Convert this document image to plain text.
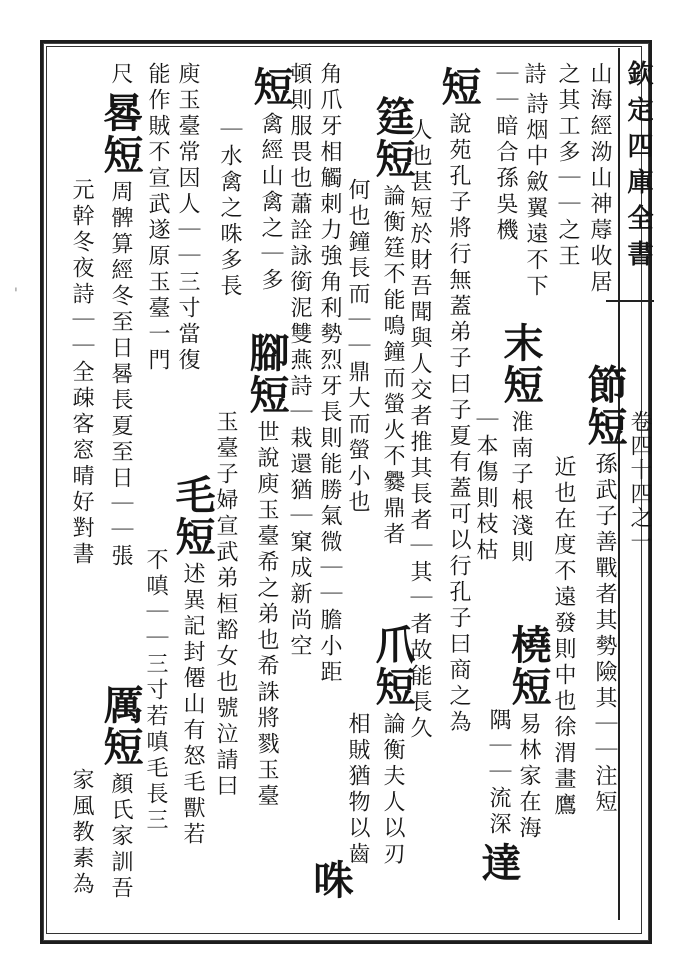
欽定四庫全書
卷四十四之一
'	山海經泑山神蓐收居
之其工多｜｜之王
詩
節短孫武子善戰者其勢險其｜｜注短
近也在度不遠發則中也徐渭畫鷹
詩烟中斂翼遠不下
｜｜暗合孫吳機
末短淮南子根淺則
｜本傷則枝枯
橈短易林家在海
隅｜｜流深達
短說苑孔子將行無蓋弟子曰子夏有蓋可以行孔子曰商之為
人也甚短於財吾聞與人交者推其長者｜其｜者故能長久
筳短論衡筳不能鳴鐘而螢火不爨鼎者
何也鐘長而｜｜鼎大而螢小也
爪短論衡夫人以刃
相賊猶物以齒
角爪牙相觸刺力強角利勢烈牙長則能勝氣微｜｜膽小距
頓則服畏也蕭詮詠銜泥雙燕詩｜栽還猶｜窠成新尚空
咮
短禽經山禽之｜多
｜水禽之咮多長
腳短世說庾玉臺希之弟也希誅將戮玉臺
玉臺子婦宣武弟桓豁女也號泣請曰
庾玉臺常因人｜｜三寸當復
能作賊不宣武遂原玉臺一門
毛短述異記封僊山有怒毛獸若
不嗔｜｜三寸若嗔毛長三
尺晷短周髀算經冬至日晷長夏至日｜｜張
元幹冬夜詩｜｜全疎客窓晴好對書
厲短顏氏家訓吾
家風教素為
